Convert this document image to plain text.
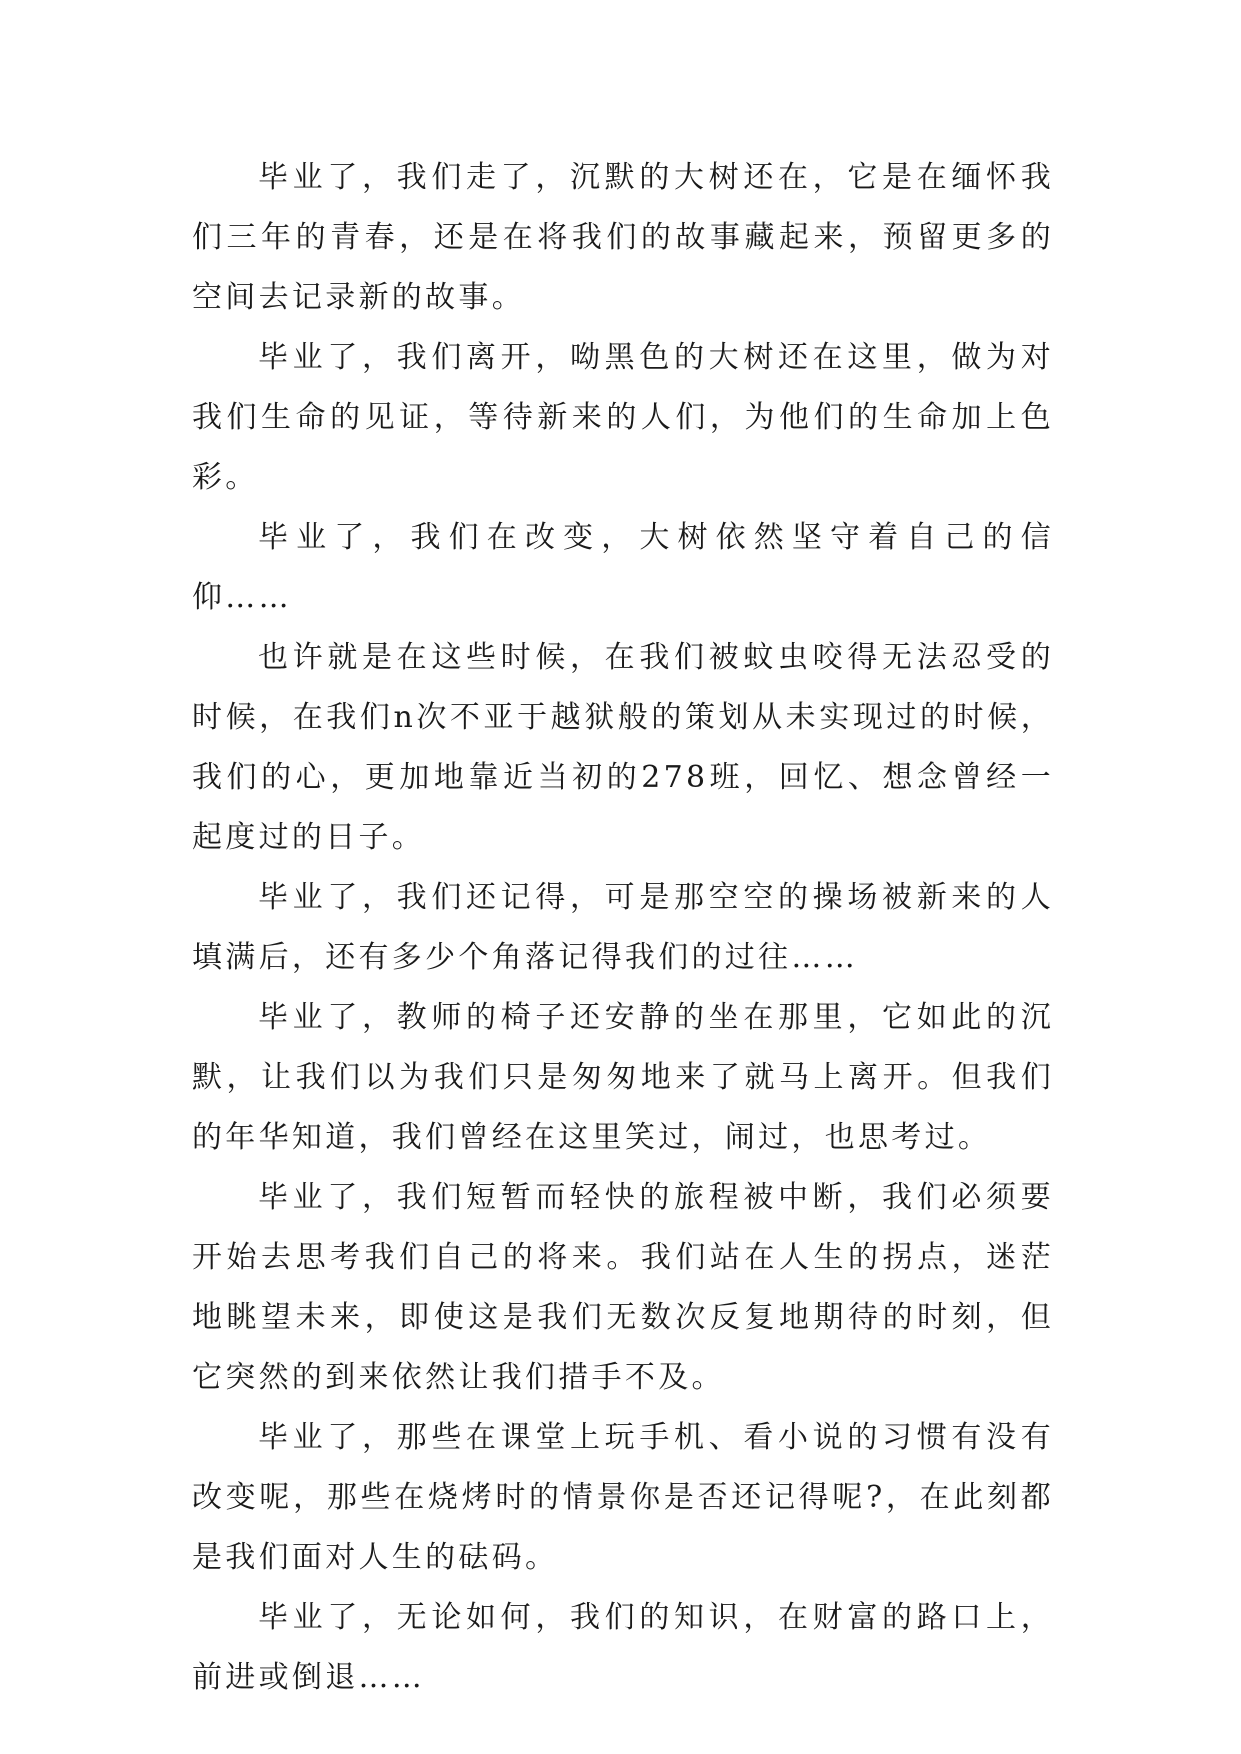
毕业了，我们走了，沉默的大树还在，它是在缅怀我们三年的青春，还是在将我们的故事藏起来，预留更多的空间去记录新的故事。

毕业了，我们离开，呦黑色的大树还在这里，做为对我们生命的见证，等待新来的人们，为他们的生命加上色彩。

毕业了，我们在改变，大树依然坚守着自己的信仰……

也许就是在这些时候，在我们被蚊虫咬得无法忍受的时候，在我们n次不亚于越狱般的策划从未实现过的时候，我们的心，更加地靠近当初的278班，回忆、想念曾经一起度过的日子。

毕业了，我们还记得，可是那空空的操场被新来的人填满后，还有多少个角落记得我们的过往……

毕业了，教师的椅子还安静的坐在那里，它如此的沉默，让我们以为我们只是匆匆地来了就马上离开。但我们的年华知道，我们曾经在这里笑过，闹过，也思考过。

毕业了，我们短暂而轻快的旅程被中断，我们必须要开始去思考我们自己的将来。我们站在人生的拐点，迷茫地眺望未来，即使这是我们无数次反复地期待的时刻，但它突然的到来依然让我们措手不及。

毕业了，那些在课堂上玩手机、看小说的习惯有没有改变呢，那些在烧烤时的情景你是否还记得呢?，在此刻都是我们面对人生的砝码。

毕业了，无论如何，我们的知识，在财富的路口上，前进或倒退……
